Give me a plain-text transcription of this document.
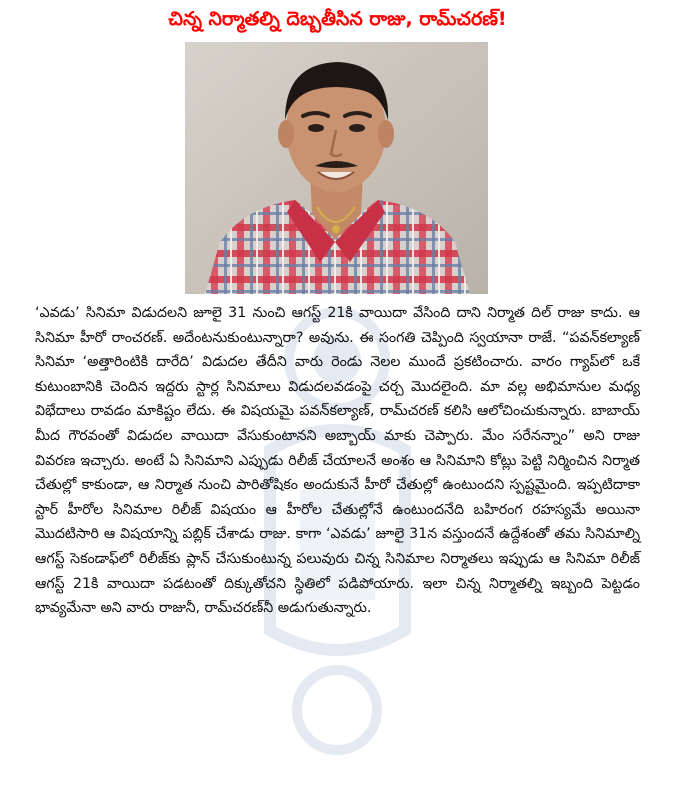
చిన్న నిర్మాతల్ని దెబ్బతీసిన రాజు, రామ్‌చరణ్!

‘ఎవడు’ సినిమా విడుదలని జూలై 31 నుంచి ఆగస్ట్ 21కి వాయిదా వేసింది దాని నిర్మాత దిల్ రాజు కాదు. ఆ సినిమా హీరో రాంచరణ్. అదేంటనుకుంటున్నారా? అవును. ఈ సంగతి చెప్పింది స్వయానా రాజే. “పవన్‌కల్యాణ్ సినిమా ‘అత్తారింటికి దారేది’ విడుదల తేదీని వారు రెండు నెలల ముందే ప్రకటించారు. వారం గ్యాప్‌లో ఒకే కుటుంబానికి చెందిన ఇద్దరు స్టార్ల సినిమాలు విడుదలవడంపై చర్చ మొదలైంది. మా వల్ల అభిమానుల మధ్య విభేదాలు రావడం మాకిష్టం లేదు. ఈ విషయమై పవన్‌కల్యాణ్, రామ్‌చరణ్ కలిసి ఆలోచించుకున్నారు. బాబాయ్ మీద గౌరవంతో విడుదల వాయిదా వేసుకుంటానని అబ్బాయ్ మాకు చెప్పారు. మేం సరేనన్నాం” అని రాజు వివరణ ఇచ్చారు. అంటే ఏ సినిమాని ఎప్పుడు రిలీజ్ చేయాలనే అంశం ఆ సినిమాని కోట్లు పెట్టి నిర్మించిన నిర్మాత చేతుల్లో కాకుండా, ఆ నిర్మాత నుంచి పారితోషికం అందుకునే హీరో చేతుల్లో ఉంటుందని స్పష్టమైంది. ఇప్పటిదాకా స్టార్ హీరోల సినిమాల రిలీజ్ విషయం ఆ హీరోల చేతుల్లోనే ఉంటుందనేది బహిరంగ రహస్యమే అయినా మొదటిసారి ఆ విషయాన్ని పబ్లిక్ చేశాడు రాజు. కాగా ‘ఎవడు’ జూలై 31న వస్తుందనే ఉద్దేశంతో తమ సినిమాల్ని ఆగస్ట్ సెకండాఫ్‌లో రిలీజ్‌కు ప్లాన్ చేసుకుంటున్న పలువురు చిన్న సినిమాల నిర్మాతలు ఇప్పుడు ఆ సినిమా రిలీజ్ ఆగస్ట్ 21కి వాయిదా పడటంతో దిక్కుతోచని స్థితిలో పడిపోయారు. ఇలా చిన్న నిర్మాతల్ని ఇబ్బంది పెట్టడం భావ్యమేనా అని వారు రాజునీ, రామ్‌చరణ్‌నీ అడుగుతున్నారు.
